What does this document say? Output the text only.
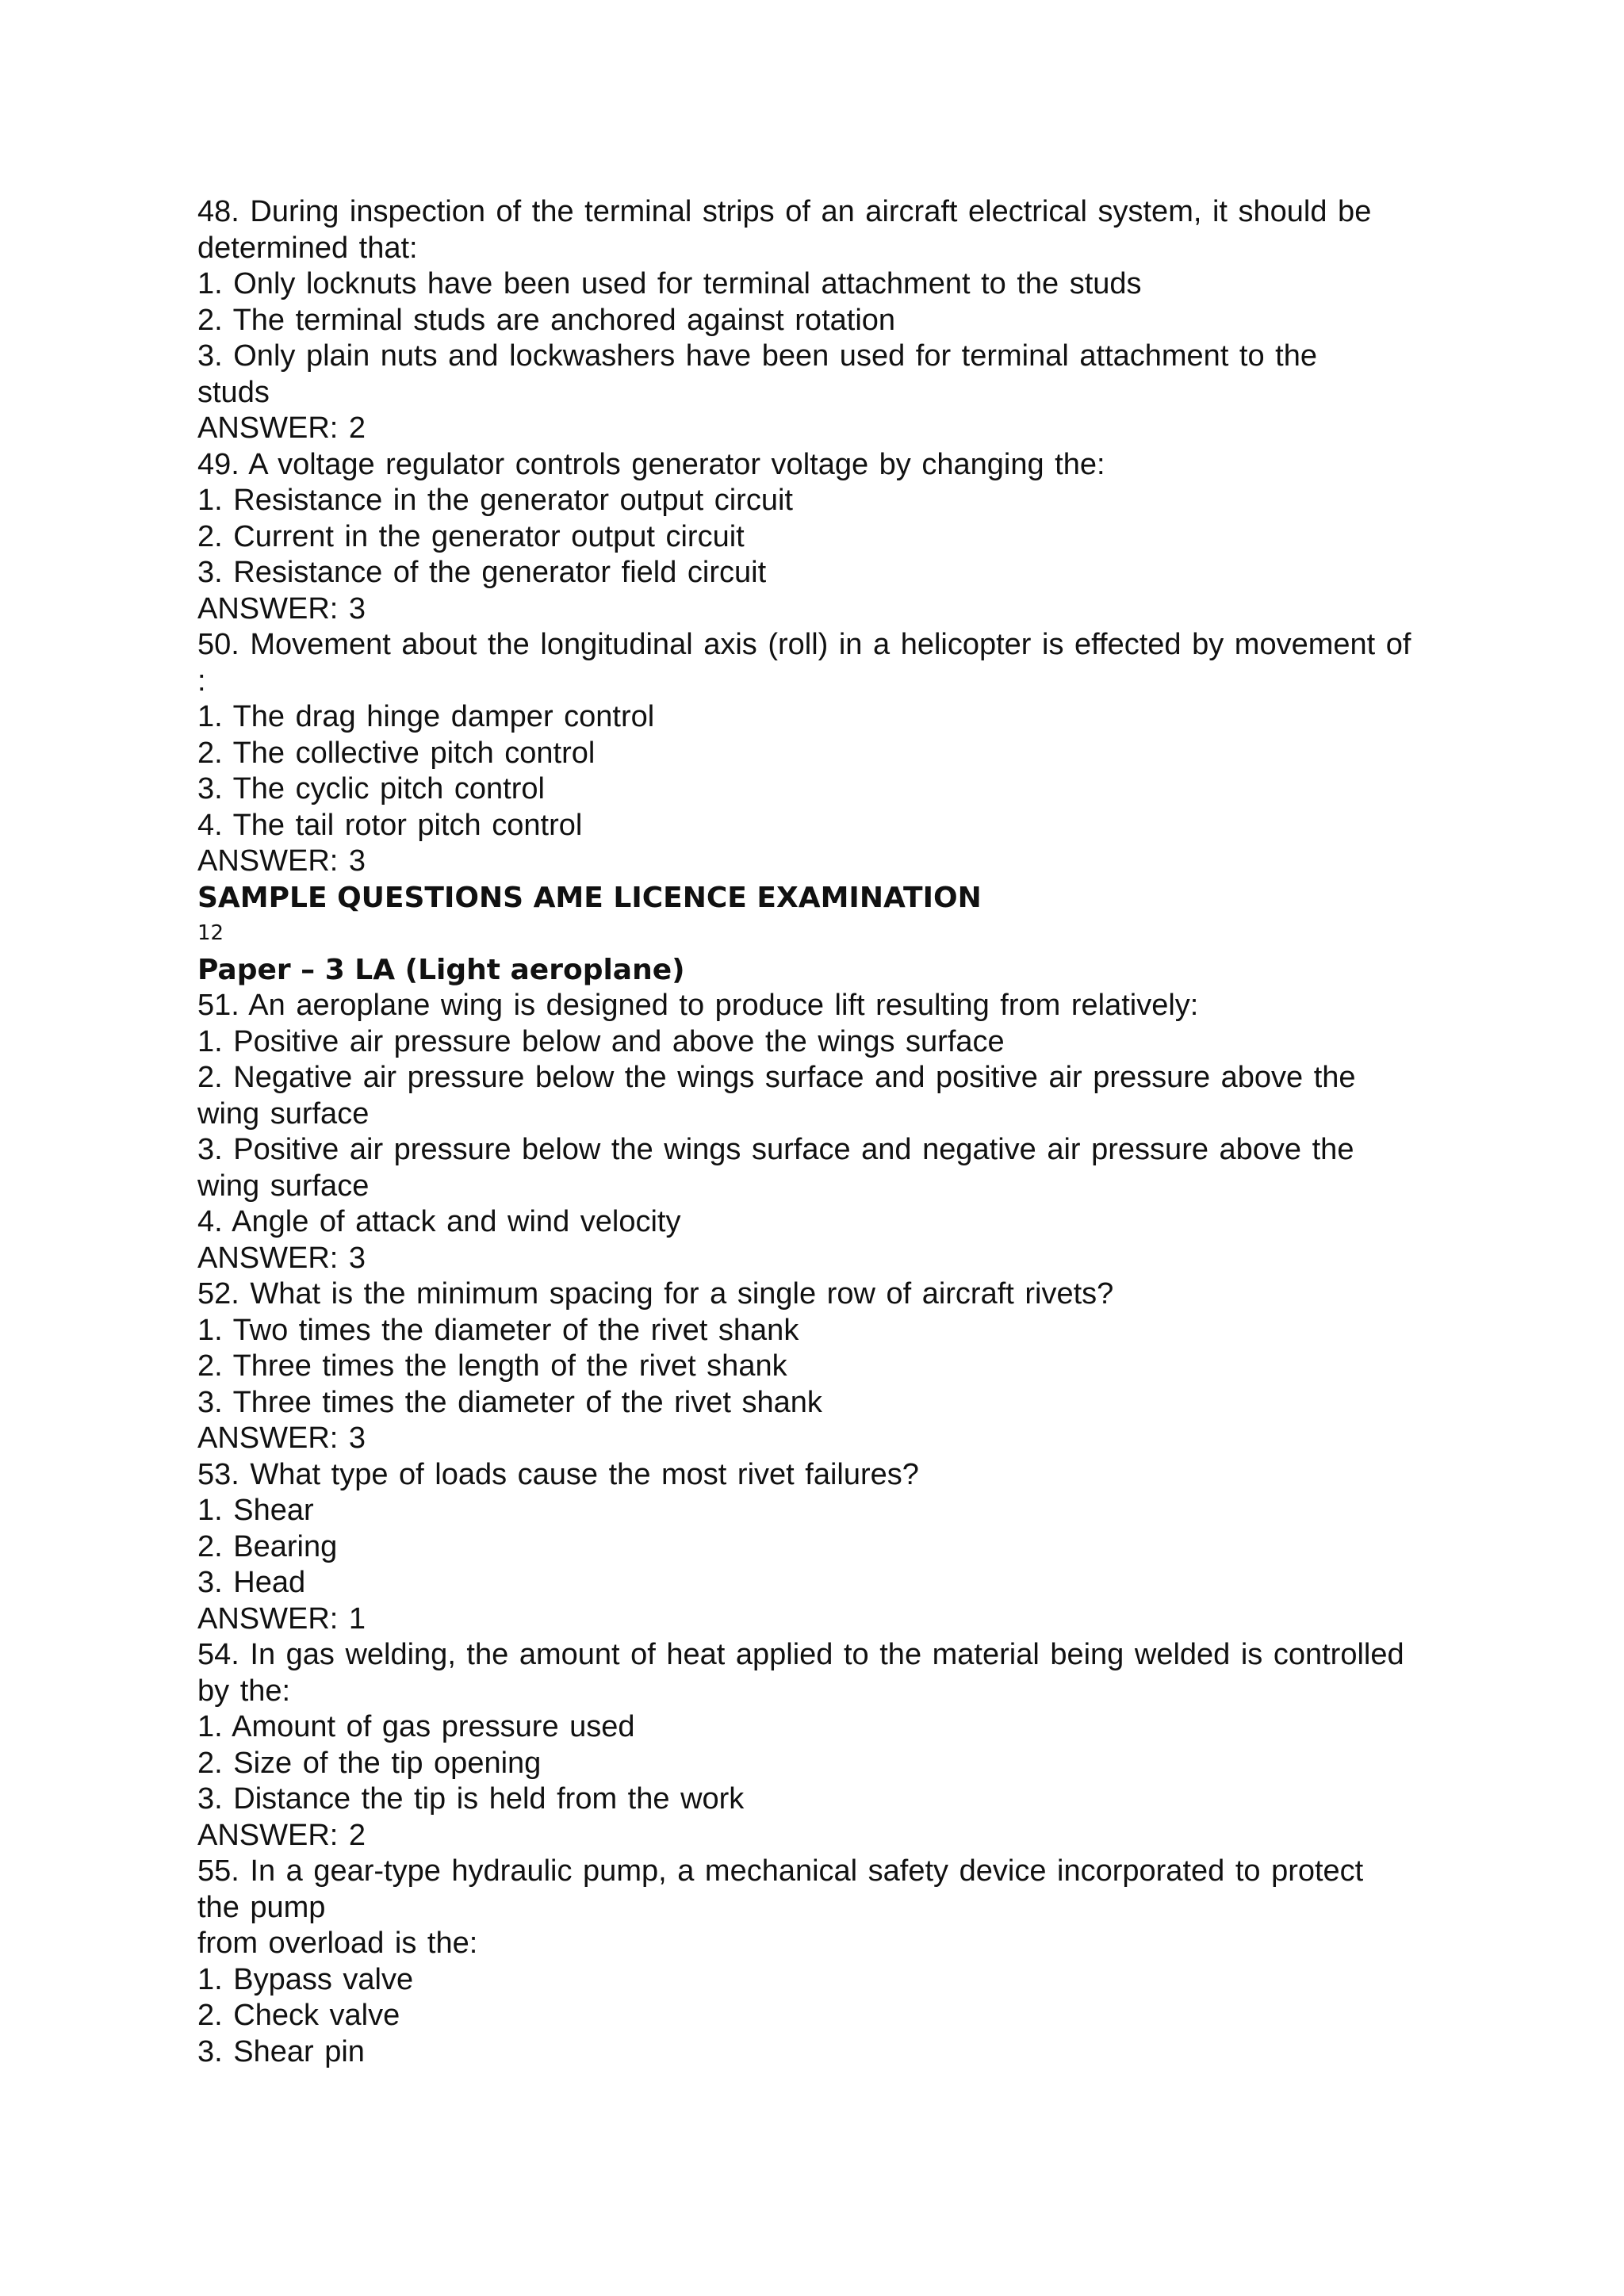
48. During inspection of the terminal strips of an aircraft electrical system, it should be
determined that:
1. Only locknuts have been used for terminal attachment to the studs
2. The terminal studs are anchored against rotation
3. Only plain nuts and lockwashers have been used for terminal attachment to the
studs
ANSWER: 2
49. A voltage regulator controls generator voltage by changing the:
1. Resistance in the generator output circuit
2. Current in the generator output circuit
3. Resistance of the generator field circuit
ANSWER: 3
50. Movement about the longitudinal axis (roll) in a helicopter is effected by movement of
:
1. The drag hinge damper control
2. The collective pitch control
3. The cyclic pitch control
4. The tail rotor pitch control
ANSWER: 3
SAMPLE QUESTIONS AME LICENCE EXAMINATION
12
Paper – 3 LA (Light aeroplane)
51. An aeroplane wing is designed to produce lift resulting from relatively:
1. Positive air pressure below and above the wings surface
2. Negative air pressure below the wings surface and positive air pressure above the
wing surface
3. Positive air pressure below the wings surface and negative air pressure above the
wing surface
4. Angle of attack and wind velocity
ANSWER: 3
52. What is the minimum spacing for a single row of aircraft rivets?
1. Two times the diameter of the rivet shank
2. Three times the length of the rivet shank
3. Three times the diameter of the rivet shank
ANSWER: 3
53. What type of loads cause the most rivet failures?
1. Shear
2. Bearing
3. Head
ANSWER: 1
54. In gas welding, the amount of heat applied to the material being welded is controlled
by the:
1. Amount of gas pressure used
2. Size of the tip opening
3. Distance the tip is held from the work
ANSWER: 2
55. In a gear-type hydraulic pump, a mechanical safety device incorporated to protect
the pump
from overload is the:
1. Bypass valve
2. Check valve
3. Shear pin
